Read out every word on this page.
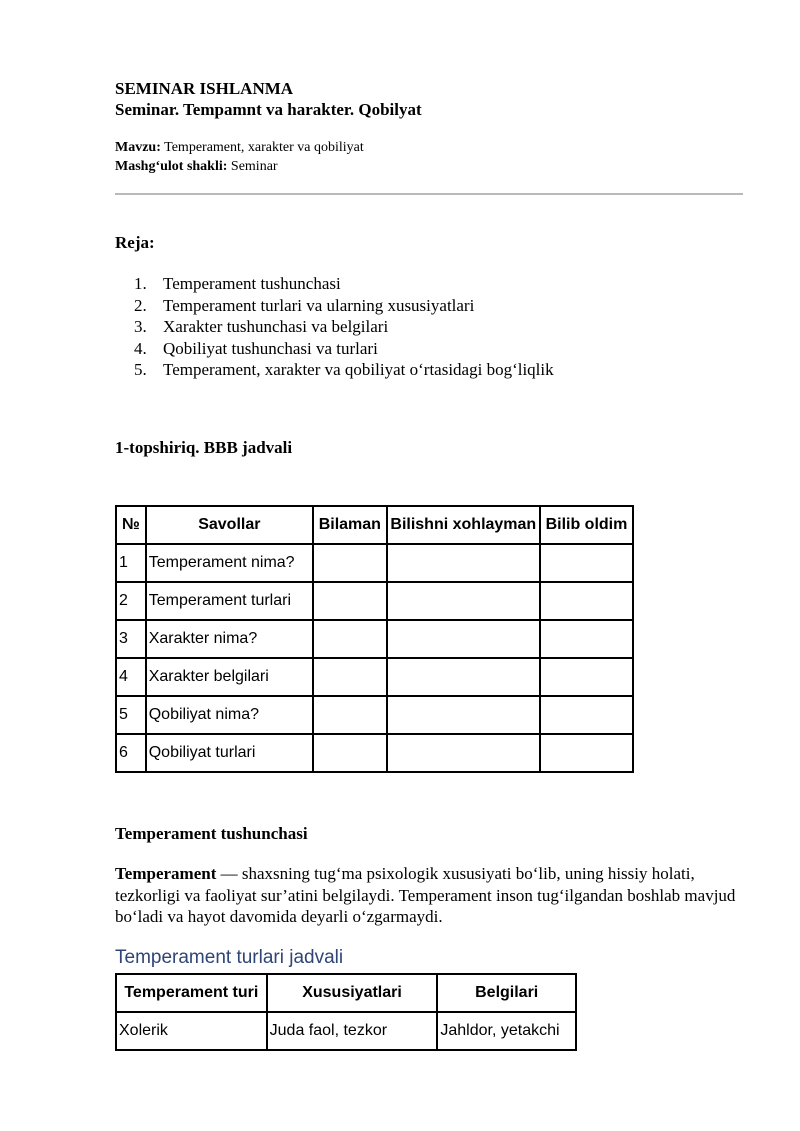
SEMINAR ISHLANMA
Seminar. Tempamnt va harakter. Qobilyat
Mavzu: Temperament, xarakter va qobiliyat
Mashg‘ulot shakli: Seminar
Reja:
1. Temperament tushunchasi
2. Temperament turlari va ularning xususiyatlari
3. Xarakter tushunchasi va belgilari
4. Qobiliyat tushunchasi va turlari
5. Temperament, xarakter va qobiliyat o‘rtasidagi bog‘liqlik
1-topshiriq. BBB jadvali
№	Savollar	Bilaman	Bilishni xohlayman	Bilib oldim
1	Temperament nima?			
2	Temperament turlari			
3	Xarakter nima?			
4	Xarakter belgilari			
5	Qobiliyat nima?			
6	Qobiliyat turlari			
Temperament tushunchasi

Temperament — shaxsning tug‘ma psixologik xususiyati bo‘lib, uning hissiy holati, tezkorligi va faoliyat sur’atini belgilaydi. Temperament inson tug‘ilgandan boshlab mavjud bo‘ladi va hayot davomida deyarli o‘zgarmaydi.

Temperament turlari jadvali
Temperament turi	Xususiyatlari	Belgilari
Xolerik	Juda faol, tezkor	Jahldor, yetakchi
